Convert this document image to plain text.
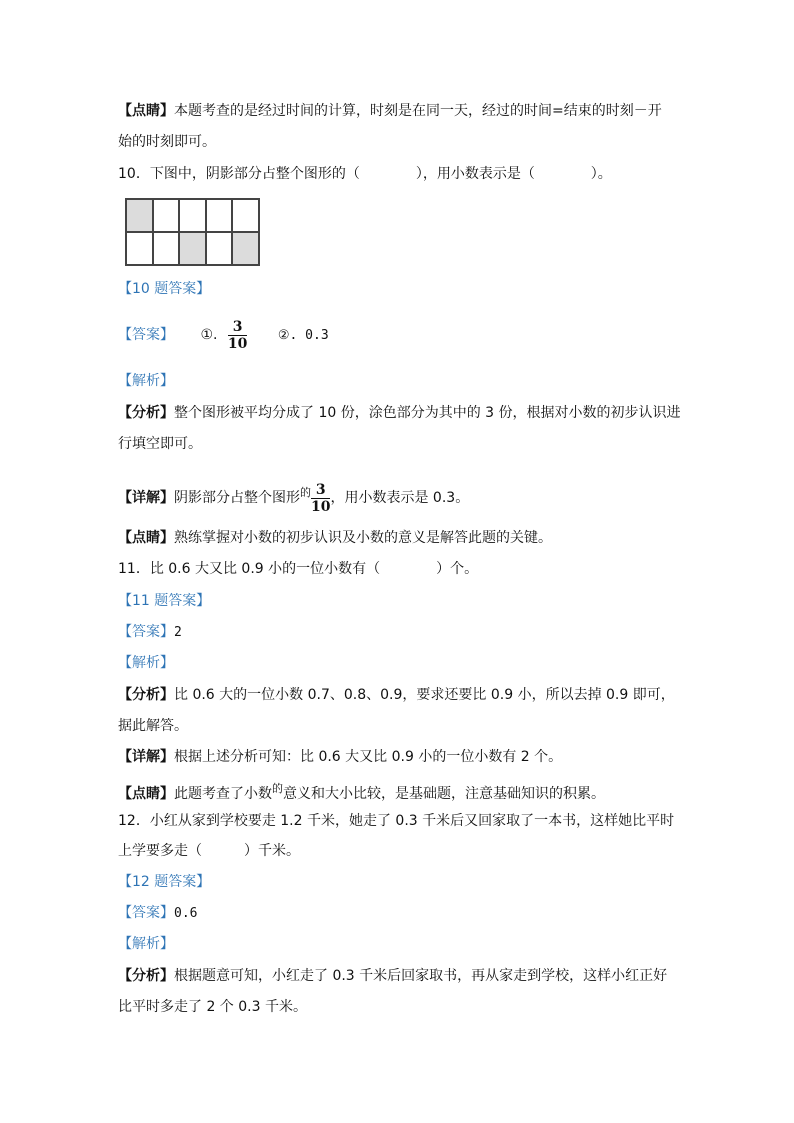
【点睛】本题考查的是经过时间的计算，时刻是在同一天，经过的时间=结束的时刻－开
始的时刻即可。
10．下图中，阴影部分占整个图形的（　　　　），用小数表示是（　　　　）。
【10 题答案】
【答案】 ①. $\frac{3}{10}$ ②. 0.3
【解析】
【分析】整个图形被平均分成了 10 份，涂色部分为其中的 3 份，根据对小数的初步认识进
行填空即可。
【详解】阴影部分占整个图形$^的 \frac{3}{10}$ ，用小数表示是 0.3。
【点睛】熟练掌握对小数的初步认识及小数的意义是解答此题的关键。
11．比 0.6 大又比 0.9 小的一位小数有（　　　　）个。
【11 题答案】
【答案】2
【解析】
【分析】比 0.6 大的一位小数 0.7、0.8、0.9，要求还要比 0.9 小，所以去掉 0.9 即可，
据此解答。
【详解】根据上述分析可知：比 0.6 大又比 0.9 小的一位小数有 2 个。
【点睛】此题考查了小数$^的$意义和大小比较，是基础题，注意基础知识的积累。
12．小红从家到学校要走 1.2 千米，她走了 0.3 千米后又回家取了一本书，这样她比平时
上学要多走（　　　）千米。
【12 题答案】
【答案】0.6
【解析】
【分析】根据题意可知，小红走了 0.3 千米后回家取书，再从家走到学校，这样小红正好
比平时多走了 2 个 0.3 千米。
